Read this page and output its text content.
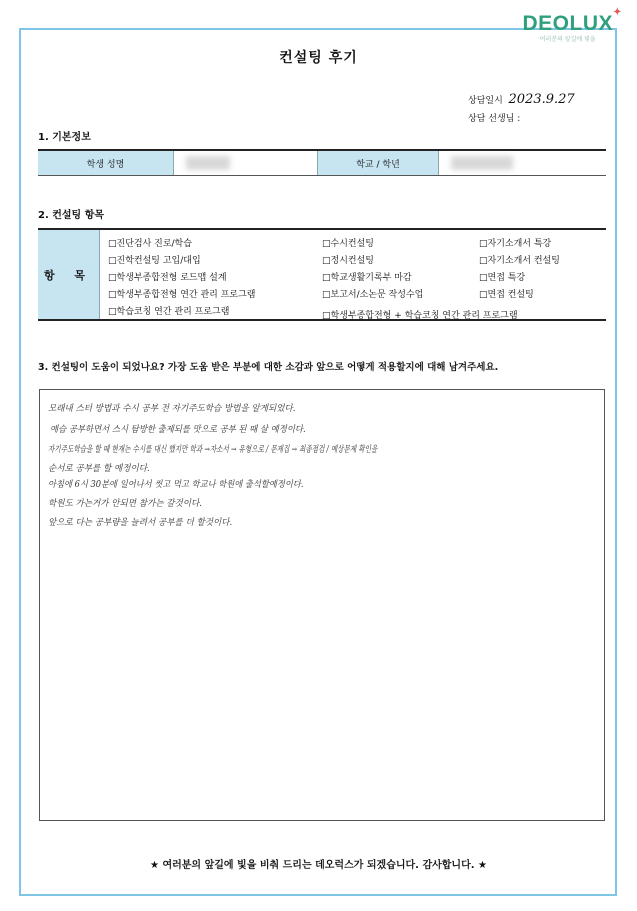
DEOLUX ✦
여러분의 앞길에 빛을
컨설팅 후기
상담일시 2023.9.27
상담 선생님 :
1. 기본정보
학생 성명	학교 / 학년
2. 컨설팅 항목
항 목
□진단검사 진로/학습
□진학컨설팅 고입/대입
□학생부종합전형 로드맵 설계
□학생부종합전형 연간 관리 프로그램
□학습코칭 연간 관리 프로그램
□수시컨설팅
□정시컨설팅
□학교생활기록부 마감
□보고서/소논문 작성수업
□학생부종합전형 + 학습코칭 연간 관리 프로그램
□자기소개서 특강
□자기소개서 컨설팅
□면접 특강
□면접 컨설팅
3. 컨설팅이 도움이 되었나요? 가장 도움 받은 부분에 대한 소감과 앞으로 어떻게 적용할지에 대해 남겨주세요.
모래내 스터 방법과 수시 공부 전 자기주도학습 방법을 알게되었다.
예습 공부하면서 스시 탐방한 출제되를 맛으로 공부 된 때 살 예정이다.
자기주도학습을 할 때 현재는 수시를 대신 했지만 학과 →자소서 → 유형으로 / 문제집 → 최종점검 / 예상문제 확인을
순서로 공부를 할 예정이다.
아침에 6시 30분에 일어나서 씻고 먹고 학교나 학원에 출석할예정이다.
학원도 가는거가 안되면 참가는 갈것이다.
앞으로 다는 공부량을 늘려서 공부를 더 할것이다.
★ 여러분의 앞길에 빛을 비춰 드리는 데오럭스가 되겠습니다. 감사합니다. ★
